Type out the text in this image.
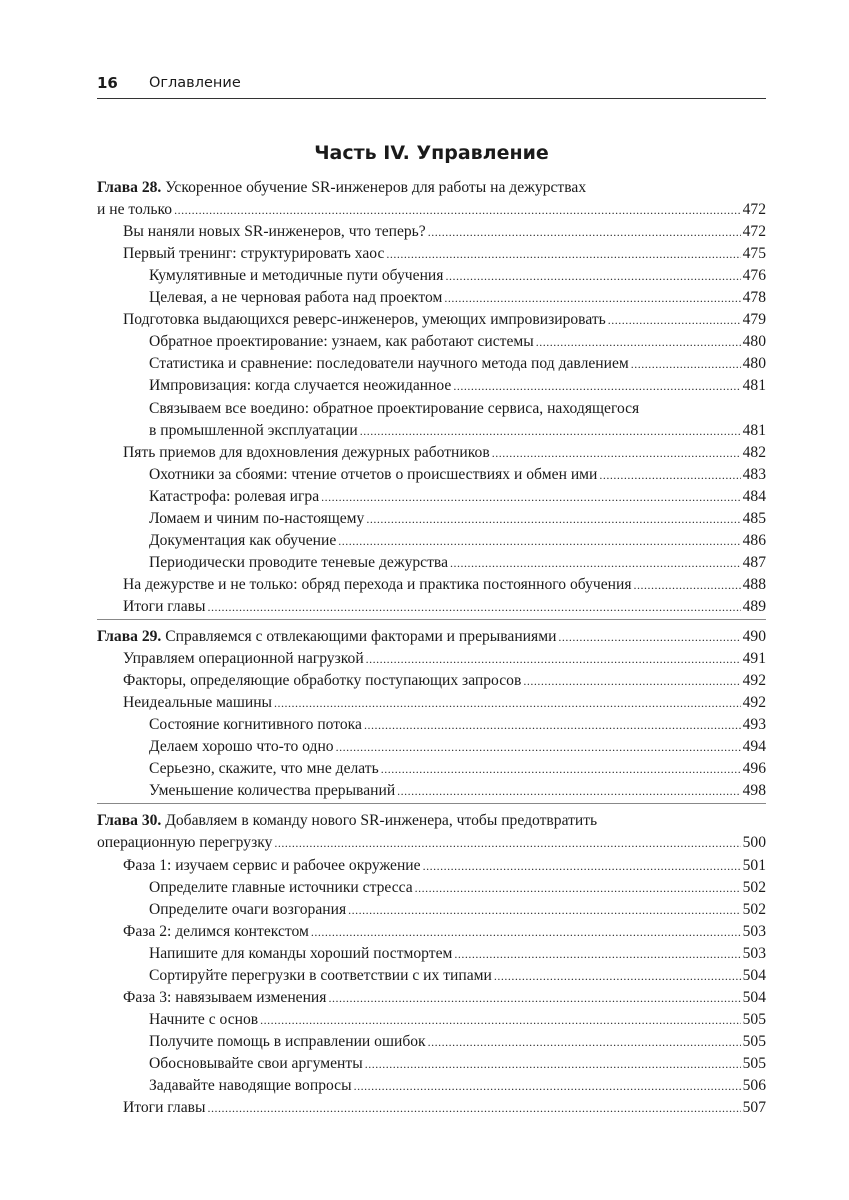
16 Оглавление
Часть IV. Управление
Глава 28. Ускоренное обучение SR-инженеров для работы на дежурствах
и не только .....	472
Вы наняли новых SR-инженеров, что теперь? .....	472
Первый тренинг: структурировать хаос .....	475
Кумулятивные и методичные пути обучения .....	476
Целевая, а не черновая работа над проектом .....	478
Подготовка выдающихся реверс-инженеров, умеющих импровизировать .....	479
Обратное проектирование: узнаем, как работают системы .....	480
Статистика и сравнение: последователи научного метода под давлением .....	480
Импровизация: когда случается неожиданное .....	481
Связываем все воедино: обратное проектирование сервиса, находящегося
в промышленной эксплуатации .....	481
Пять приемов для вдохновления дежурных работников .....	482
Охотники за сбоями: чтение отчетов о происшествиях и обмен ими .....	483
Катастрофа: ролевая игра .....	484
Ломаем и чиним по-настоящему .....	485
Документация как обучение .....	486
Периодически проводите теневые дежурства .....	487
На дежурстве и не только: обряд перехода и практика постоянного обучения .....	488
Итоги главы .....	489
Глава 29.
Справляемся с отвлекающими факторами и прерываниями .....	490
Управляем операционной нагрузкой .....	491
Факторы, определяющие обработку поступающих запросов .....	492
Неидеальные машины .....	492
Состояние когнитивного потока .....	493
Делаем хорошо что-то одно .....	494
Серьезно, скажите, что мне делать .....	496
Уменьшение количества прерываний .....	498
Глава 30. Добавляем в команду нового SR-инженера, чтобы предотвратить
операционную перегрузку .....	500
Фаза 1: изучаем сервис и рабочее окружение .....	501
Определите главные источники стресса .....	502
Определите очаги возгорания .....	502
Фаза 2: делимся контекстом .....	503
Напишите для команды хороший постмортем .....	503
Сортируйте перегрузки в соответствии с их типами .....	504
Фаза 3: навязываем изменения .....	504
Начните с основ .....	505
Получите помощь в исправлении ошибок .....	505
Обосновывайте свои аргументы .....	505
Задавайте наводящие вопросы .....	506
Итоги главы .....	507
